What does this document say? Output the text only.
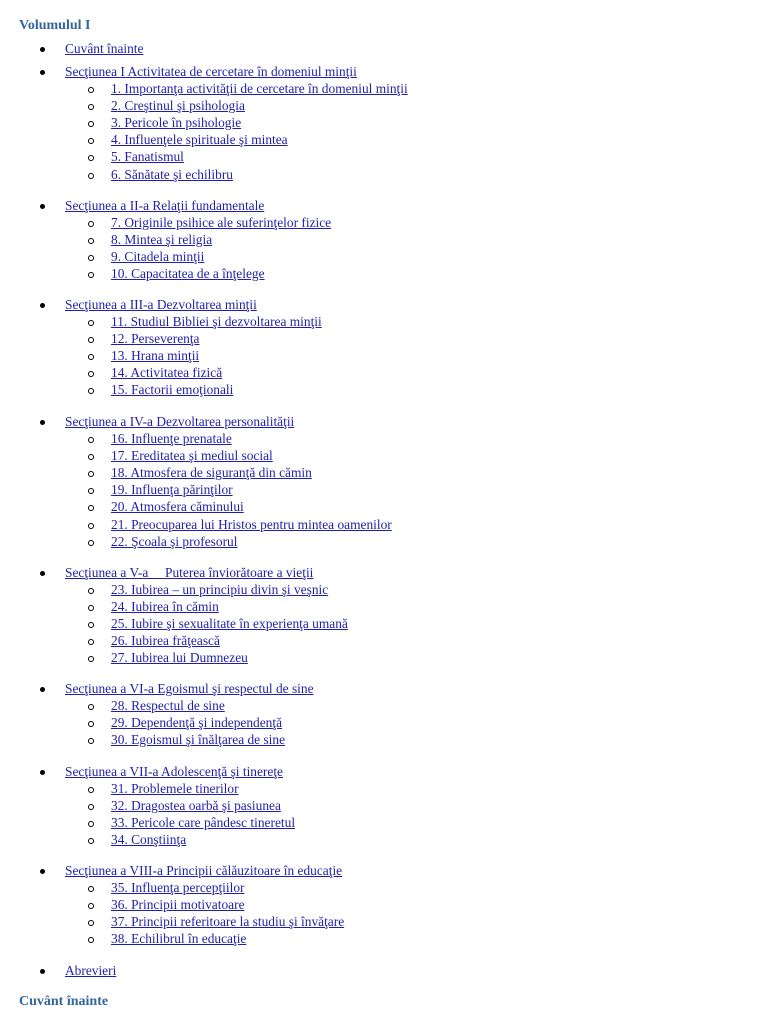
Volumulul I
Cuvânt înainte
Secţiunea I Activitatea de cercetare în domeniul minţii
1. Importanţa activităţii de cercetare în domeniul minţii
2. Creştinul şi psihologia
3. Pericole în psihologie
4. Influenţele spirituale şi mintea
5. Fanatismul
6. Sănătate şi echilibru
Secţiunea a II-a Relaţii fundamentale
7. Originile psihice ale suferinţelor fizice
8. Mintea şi religia
9. Citadela minţii
10. Capacitatea de a înţelege
Secţiunea a III-a Dezvoltarea minţii
11. Studiul Bibliei şi dezvoltarea minţii
12. Perseverenţa
13. Hrana minţii
14. Activitatea fizică
15. Factorii emoţionali
Secţiunea a IV-a Dezvoltarea personalităţii
16. Influenţe prenatale
17. Ereditatea şi mediul social
18. Atmosfera de siguranţă din cămin
19. Influenţa părinţilor
20. Atmosfera căminului
21. Preocuparea lui Hristos pentru mintea oamenilor
22. Şcoala şi profesorul
Secţiunea a V-a     Puterea înviorătoare a vieţii
23. Iubirea – un principiu divin şi veşnic
24. Iubirea în cămin
25. Iubire şi sexualitate în experienţa umană
26. Iubirea frăţească
27. Iubirea lui Dumnezeu
Secţiunea a VI-a Egoismul şi respectul de sine
28. Respectul de sine
29. Dependenţă şi independenţă
30. Egoismul şi înălţarea de sine
Secţiunea a VII-a Adolescenţă şi tinereţe
31. Problemele tinerilor
32. Dragostea oarbă şi pasiunea
33. Pericole care pândesc tineretul
34. Conştiinţa
Secţiunea a VIII-a Principii călăuzitoare în educaţie
35. Influenţa percepţiilor
36. Principii motivatoare
37. Principii referitoare la studiu şi învăţare
38. Echilibrul în educaţie
Abrevieri
Cuvânt înainte
